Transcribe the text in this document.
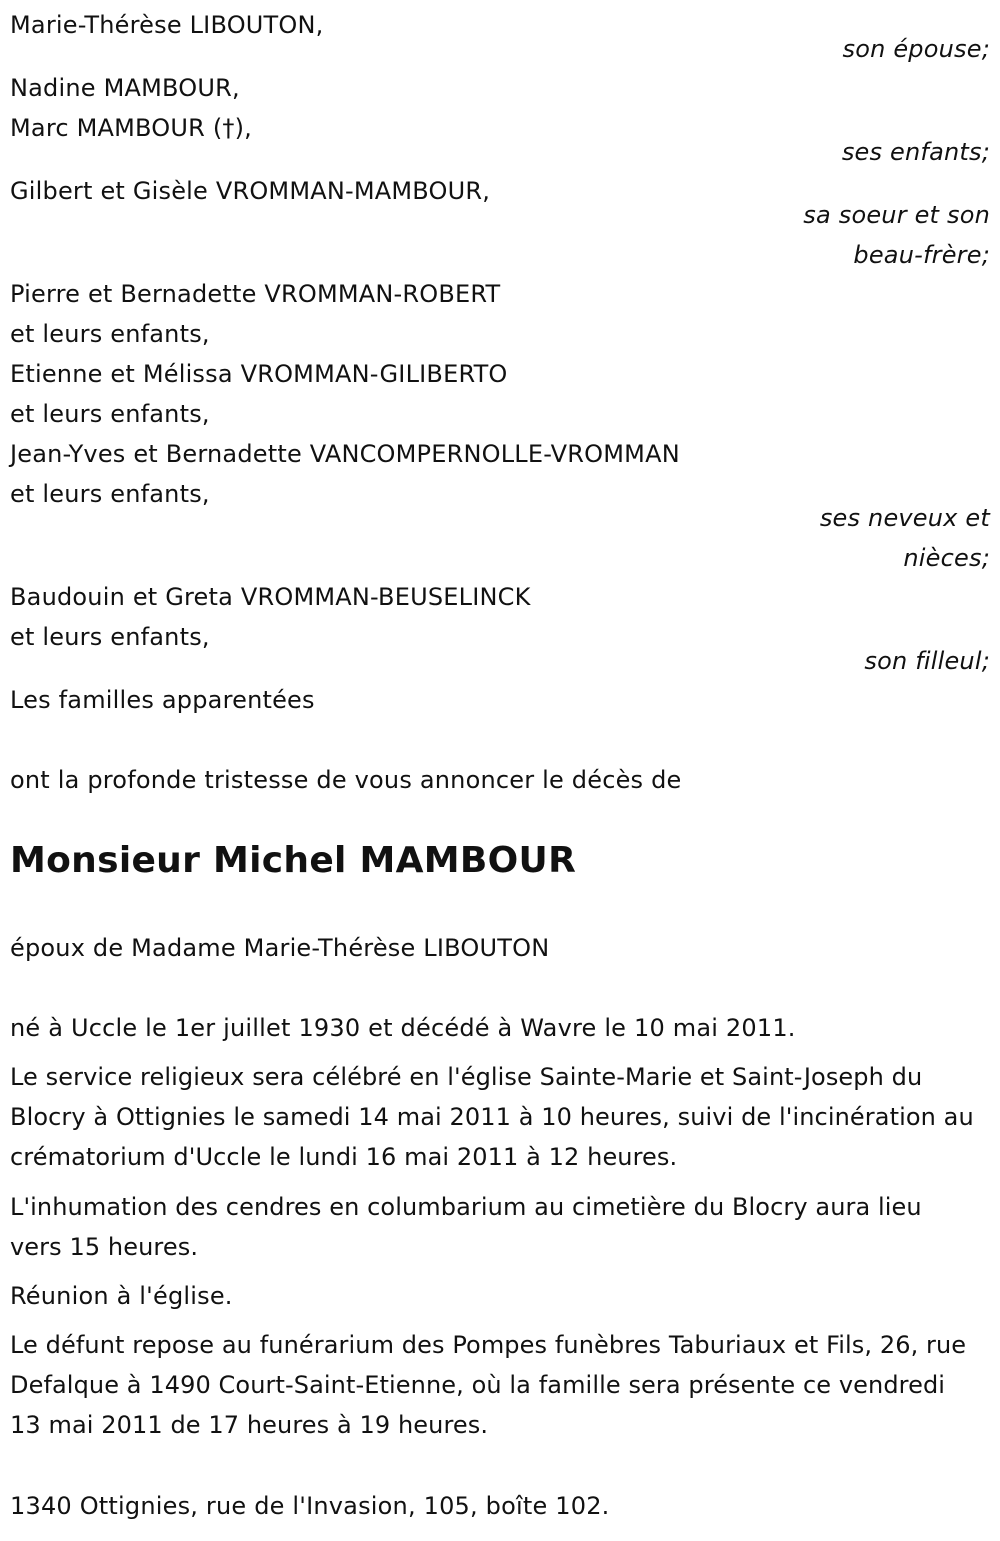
Marie-Thérèse LIBOUTON,
son épouse;
Nadine MAMBOUR,
Marc MAMBOUR (†),
ses enfants;
Gilbert et Gisèle VROMMAN-MAMBOUR,
sa soeur et son
beau-frère;
Pierre et Bernadette VROMMAN-ROBERT
et leurs enfants,
Etienne et Mélissa VROMMAN-GILIBERTO
et leurs enfants,
Jean-Yves et Bernadette VANCOMPERNOLLE-VROMMAN
et leurs enfants,
ses neveux et
nièces;
Baudouin et Greta VROMMAN-BEUSELINCK
et leurs enfants,
son filleul;
Les familles apparentées
ont la profonde tristesse de vous annoncer le décès de
Monsieur Michel MAMBOUR
époux de Madame Marie-Thérèse LIBOUTON
né à Uccle le 1er juillet 1930 et décédé à Wavre le 10 mai 2011.
Le service religieux sera célébré en l'église Sainte-Marie et Saint-Joseph du Blocry à Ottignies le samedi 14 mai 2011 à 10 heures, suivi de l'incinération au crématorium d'Uccle le lundi 16 mai 2011 à 12 heures.
L'inhumation des cendres en columbarium au cimetière du Blocry aura lieu vers 15 heures.
Réunion à l'église.
Le défunt repose au funérarium des Pompes funèbres Taburiaux et Fils, 26, rue Defalque à 1490 Court-Saint-Etienne, où la famille sera présente ce vendredi 13 mai 2011 de 17 heures à 19 heures.
1340 Ottignies, rue de l'Invasion, 105, boîte 102.
